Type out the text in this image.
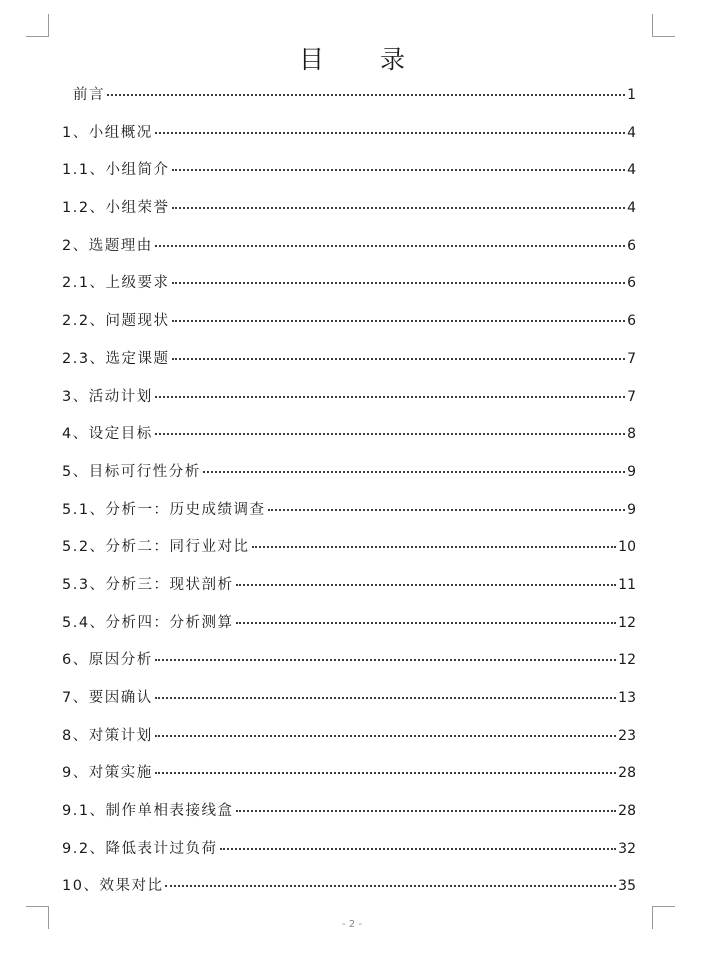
目 录
前言	1
1、小组概况	4
1.1、小组简介	4
1.2、小组荣誉	4
2、选题理由	6
2.1、上级要求	6
2.2、问题现状	6
2.3、选定课题	7
3、活动计划	7
4、设定目标	8
5、目标可行性分析	9
5.1、分析一：历史成绩调查	9
5.2、分析二：同行业对比	10
5.3、分析三：现状剖析	11
5.4、分析四：分析测算	12
6、原因分析	12
7、要因确认	13
8、对策计划	23
9、对策实施	28
9.1、制作单相表接线盒	28
9.2、降低表计过负荷	32
10、效果对比	35
- 2 -
